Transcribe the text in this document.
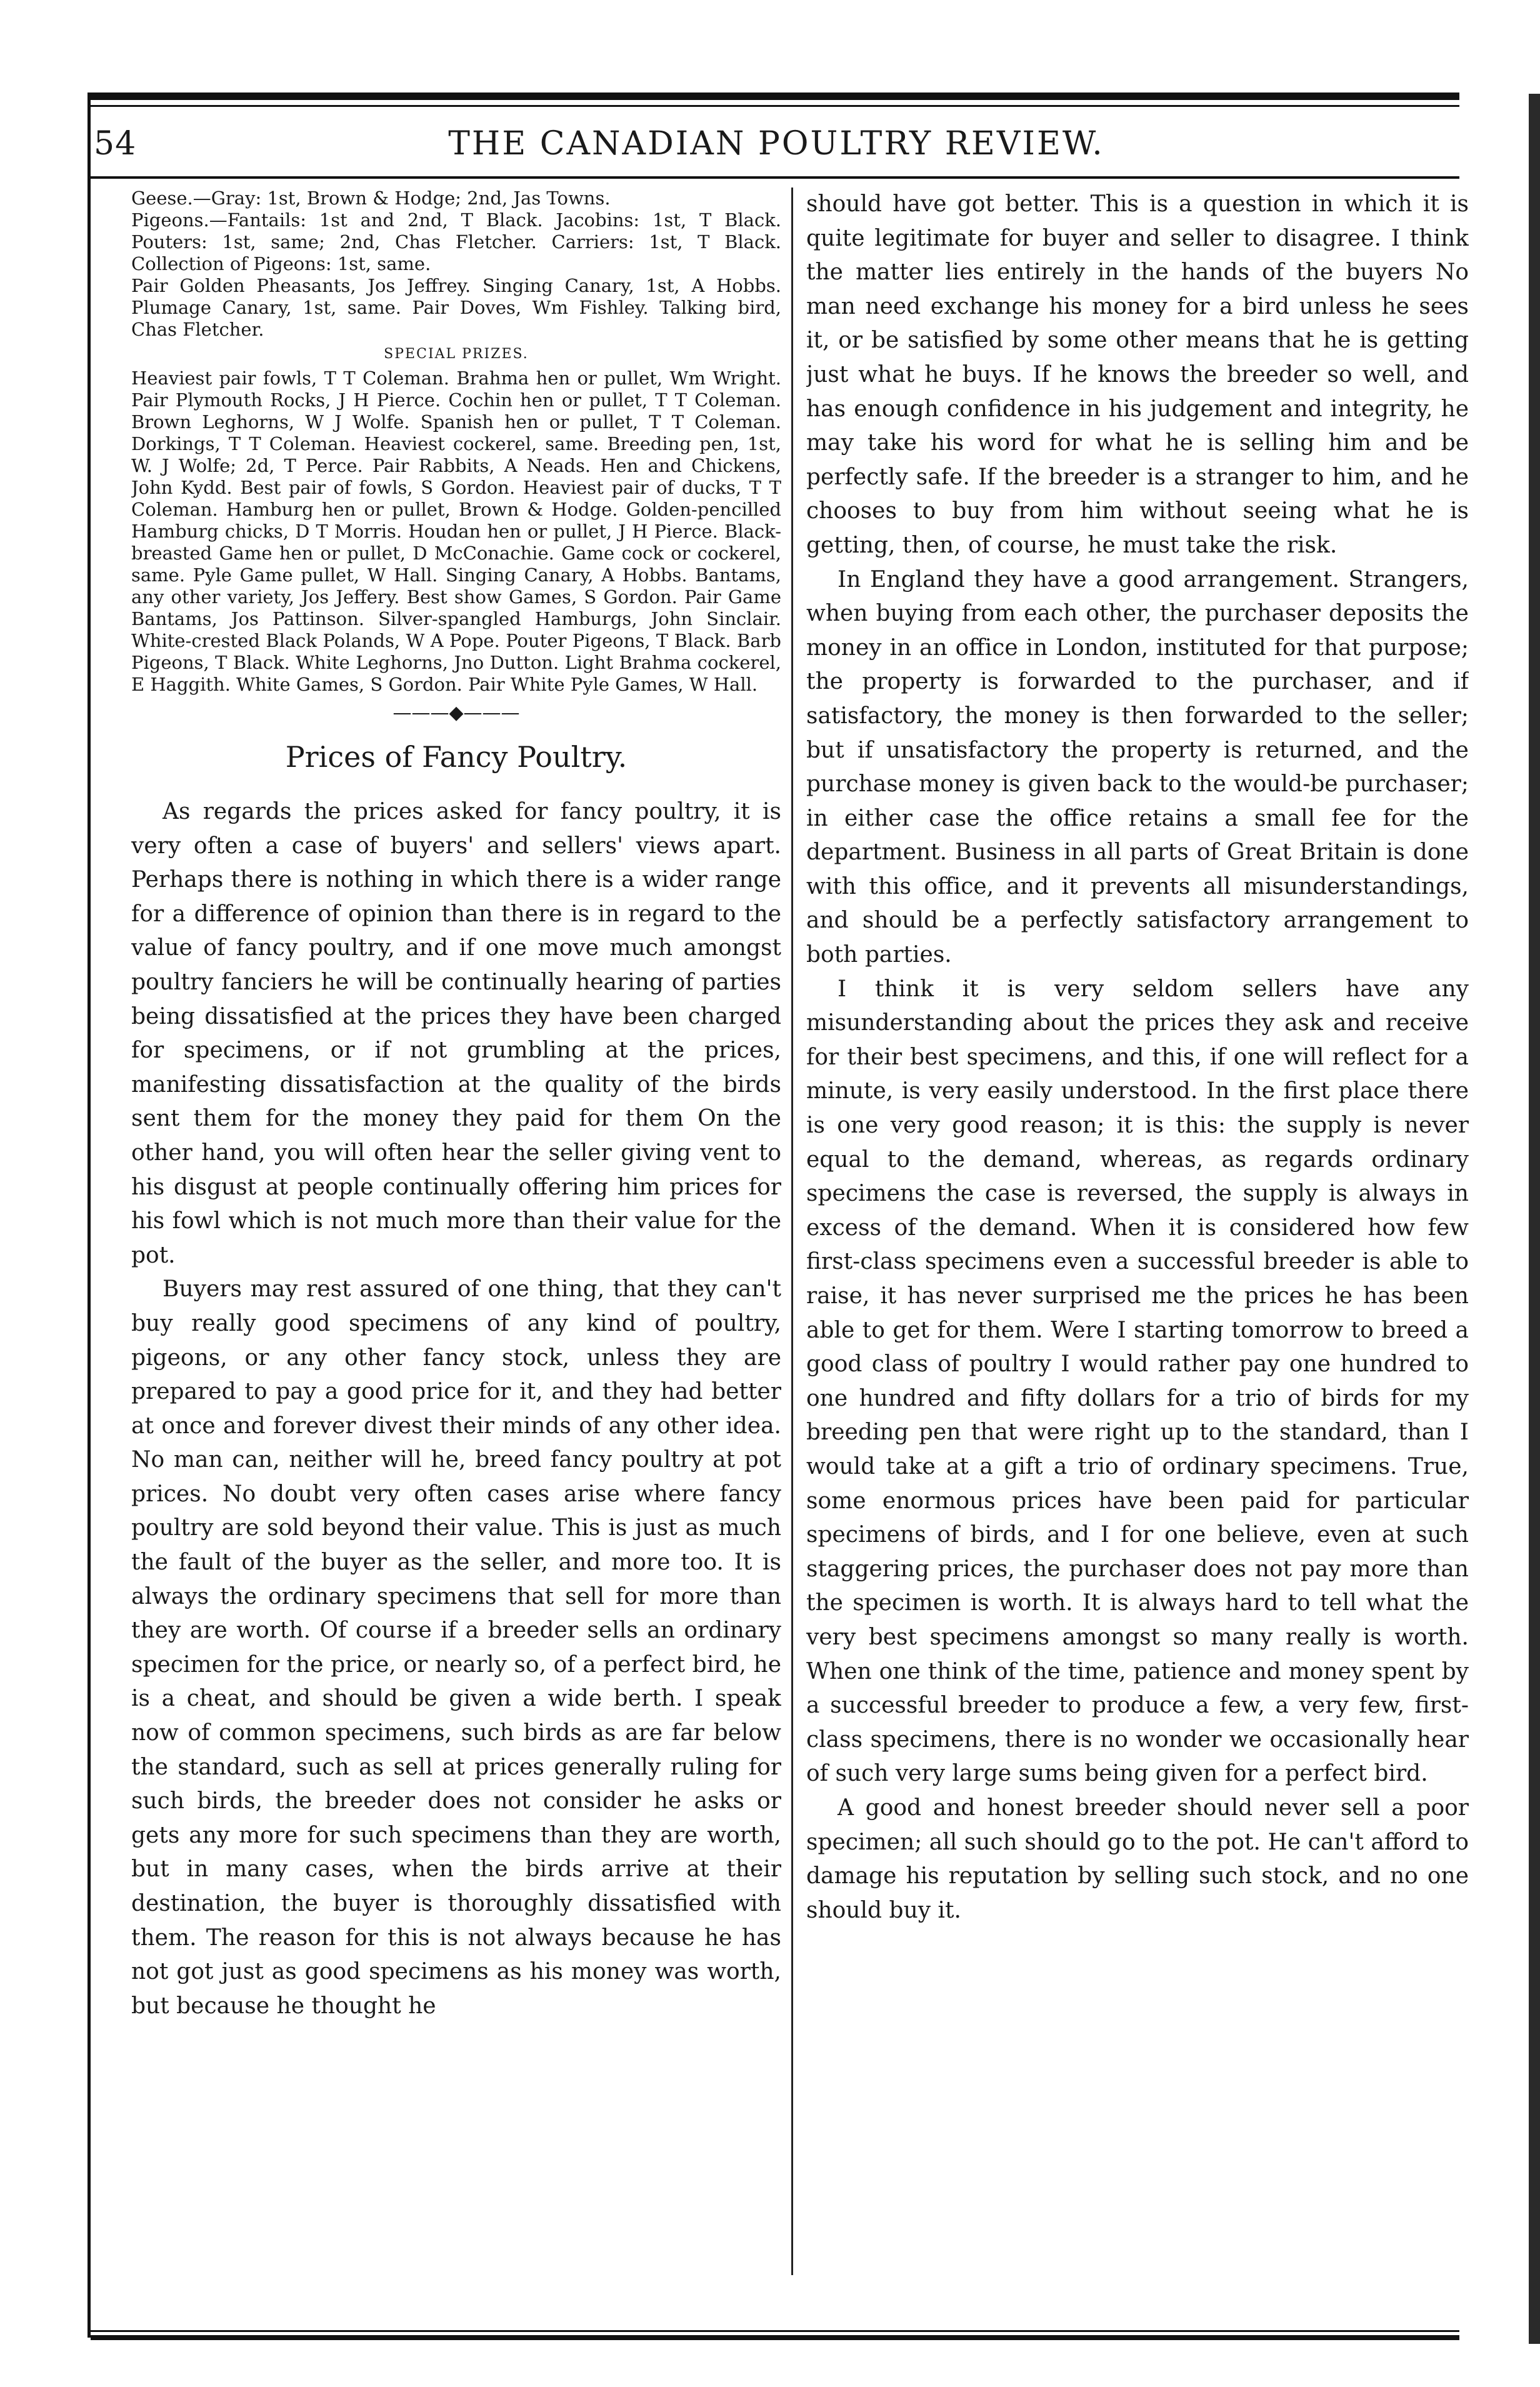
54	THE CANADIAN POULTRY REVIEW.

Geese.—Gray: 1st, Brown & Hodge; 2nd, Jas Towns.

Pigeons.—Fantails: 1st and 2nd, T Black. Jacobins: 1st, T Black. Pouters: 1st, same; 2nd, Chas Fletcher. Carriers: 1st, T Black. Collection of Pigeons: 1st, same.

Pair Golden Pheasants, Jos Jeffrey. Singing Canary, 1st, A Hobbs. Plumage Canary, 1st, same. Pair Doves, Wm Fishley. Talking bird, Chas Fletcher.

SPECIAL PRIZES.

Heaviest pair fowls, T T Coleman. Brahma hen or pullet, Wm Wright. Pair Plymouth Rocks, J H Pierce. Cochin hen or pullet, T T Coleman. Brown Leghorns, W J Wolfe. Spanish hen or pullet, T T Coleman. Dorkings, T T Coleman. Heaviest cockerel, same. Breeding pen, 1st, W. J Wolfe; 2d, T Perce. Pair Rabbits, A Neads. Hen and Chickens, John Kydd. Best pair of fowls, S Gordon. Heaviest pair of ducks, T T Coleman. Hamburg hen or pullet, Brown & Hodge. Golden-pencilled Hamburg chicks, D T Morris. Houdan hen or pullet, J H Pierce. Black-breasted Game hen or pullet, D McConachie. Game cock or cockerel, same. Pyle Game pullet, W Hall. Singing Canary, A Hobbs. Bantams, any other variety, Jos Jeffery. Best show Games, S Gordon. Pair Game Bantams, Jos Pattinson. Silver-spangled Hamburgs, John Sinclair. White-crested Black Polands, W A Pope. Pouter Pigeons, T Black. Barb Pigeons, T Black. White Leghorns, Jno Dutton. Light Brahma cockerel, E Haggith. White Games, S Gordon. Pair White Pyle Games, W Hall.

———◆———
Prices of Fancy Poultry.

As regards the prices asked for fancy poultry, it is very often a case of buyers' and sellers' views apart. Perhaps there is nothing in which there is a wider range for a difference of opinion than there is in regard to the value of fancy poultry, and if one move much amongst poultry fanciers he will be continually hearing of parties being dissatisfied at the prices they have been charged for specimens, or if not grumbling at the prices, manifesting dissatisfaction at the quality of the birds sent them for the money they paid for them On the other hand, you will often hear the seller giving vent to his disgust at people continually offering him prices for his fowl which is not much more than their value for the pot.

Buyers may rest assured of one thing, that they can't buy really good specimens of any kind of poultry, pigeons, or any other fancy stock, unless they are prepared to pay a good price for it, and they had better at once and forever divest their minds of any other idea. No man can, neither will he, breed fancy poultry at pot prices. No doubt very often cases arise where fancy poultry are sold beyond their value. This is just as much the fault of the buyer as the seller, and more too. It is always the ordinary specimens that sell for more than they are worth. Of course if a breeder sells an ordinary specimen for the price, or nearly so, of a perfect bird, he is a cheat, and should be given a wide berth. I speak now of common specimens, such birds as are far below the standard, such as sell at prices generally ruling for such birds, the breeder does not consider he asks or gets any more for such specimens than they are worth, but in many cases, when the birds arrive at their destination, the buyer is thoroughly dissatisfied with them. The reason for this is not always because he has not got just as good specimens as his money was worth, but because he thought he

should have got better. This is a question in which it is quite legitimate for buyer and seller to disagree. I think the matter lies entirely in the hands of the buyers No man need exchange his money for a bird unless he sees it, or be satisfied by some other means that he is getting just what he buys. If he knows the breeder so well, and has enough confidence in his judgement and integrity, he may take his word for what he is selling him and be perfectly safe. If the breeder is a stranger to him, and he chooses to buy from him without seeing what he is getting, then, of course, he must take the risk.

In England they have a good arrangement. Strangers, when buying from each other, the purchaser deposits the money in an office in London, instituted for that purpose; the property is forwarded to the purchaser, and if satisfactory, the money is then forwarded to the seller; but if unsatisfactory the property is returned, and the purchase money is given back to the would-be purchaser; in either case the office retains a small fee for the department. Business in all parts of Great Britain is done with this office, and it prevents all misunderstandings, and should be a perfectly satisfactory arrangement to both parties.

I think it is very seldom sellers have any misunderstanding about the prices they ask and receive for their best specimens, and this, if one will reflect for a minute, is very easily understood. In the first place there is one very good reason; it is this: the supply is never equal to the demand, whereas, as regards ordinary specimens the case is reversed, the supply is always in excess of the demand. When it is considered how few first-class specimens even a successful breeder is able to raise, it has never surprised me the prices he has been able to get for them. Were I starting tomorrow to breed a good class of poultry I would rather pay one hundred to one hundred and fifty dollars for a trio of birds for my breeding pen that were right up to the standard, than I would take at a gift a trio of ordinary specimens. True, some enormous prices have been paid for particular specimens of birds, and I for one believe, even at such staggering prices, the purchaser does not pay more than the specimen is worth. It is always hard to tell what the very best specimens amongst so many really is worth. When one think of the time, patience and money spent by a successful breeder to produce a few, a very few, first-class specimens, there is no wonder we occasionally hear of such very large sums being given for a perfect bird.

A good and honest breeder should never sell a poor specimen; all such should go to the pot. He can't afford to damage his reputation by selling such stock, and no one should buy it.
